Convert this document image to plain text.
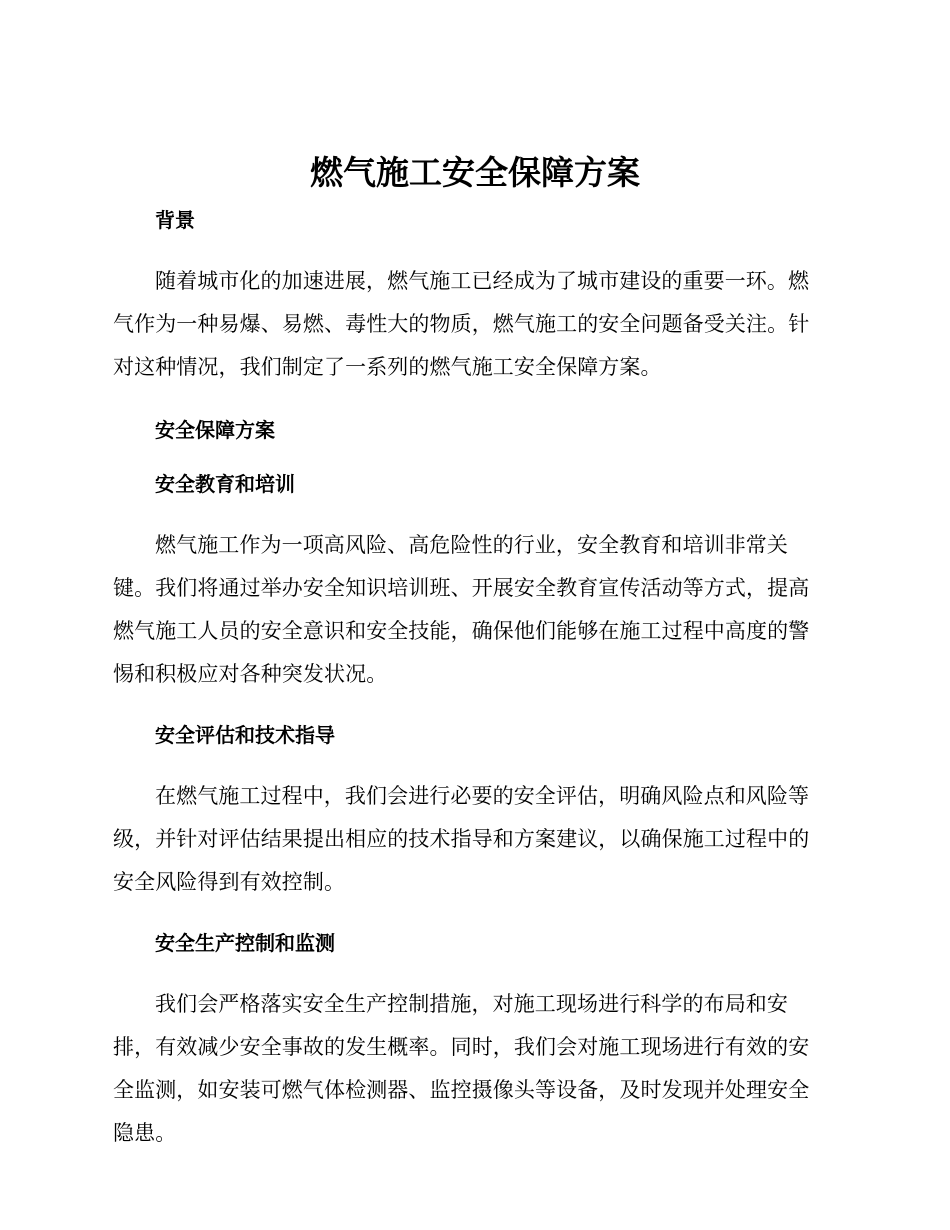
燃气施工安全保障方案
背景

随着城市化的加速进展，燃气施工已经成为了城市建设的重要一环。燃
气作为一种易爆、易燃、毒性大的物质，燃气施工的安全问题备受关注。针
对这种情况，我们制定了一系列的燃气施工安全保障方案。

安全保障方案
安全教育和培训

燃气施工作为一项高风险、高危险性的行业，安全教育和培训非常关
键。我们将通过举办安全知识培训班、开展安全教育宣传活动等方式，提高
燃气施工人员的安全意识和安全技能，确保他们能够在施工过程中高度的警
惕和积极应对各种突发状况。

安全评估和技术指导

在燃气施工过程中，我们会进行必要的安全评估，明确风险点和风险等
级，并针对评估结果提出相应的技术指导和方案建议，以确保施工过程中的
安全风险得到有效控制。

安全生产控制和监测

我们会严格落实安全生产控制措施，对施工现场进行科学的布局和安
排，有效减少安全事故的发生概率。同时，我们会对施工现场进行有效的安
全监测，如安装可燃气体检测器、监控摄像头等设备，及时发现并处理安全
隐患。
